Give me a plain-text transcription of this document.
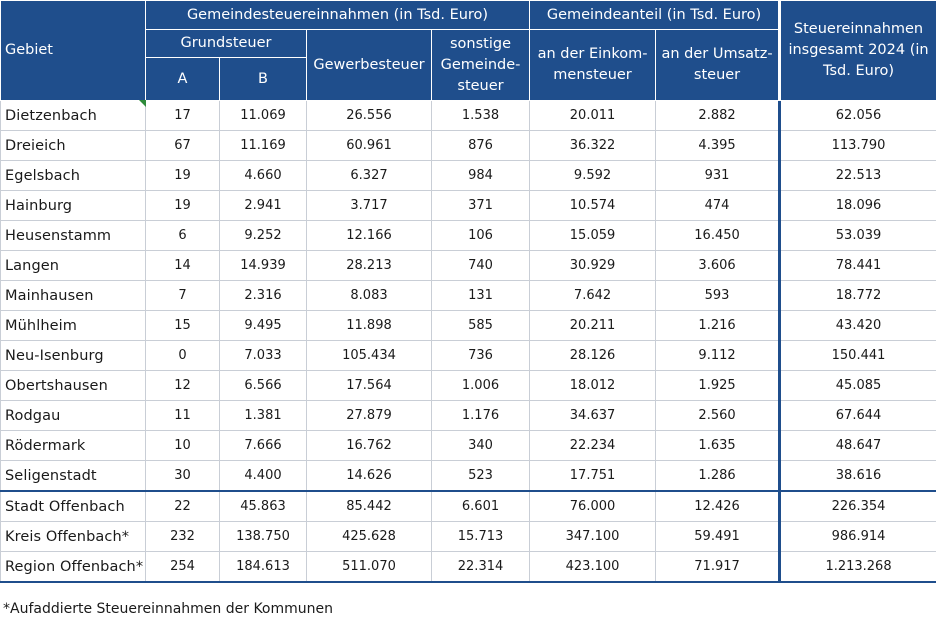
Gebiet	Gemeindesteuereinnahmen (in Tsd. Euro)				Gemeindeanteil (in Tsd. Euro)		Steuereinnahmen insgesamt 2024 (in Tsd. Euro)
	Grundsteuer		Gewerbesteuer	sonstige Gemeinde-steuer	an der Einkom-mensteuer	an der Umsatz-steuer	
	A	B					
Dietzenbach	17	11.069	26.556	1.538	20.011	2.882	62.056
Dreieich	67	11.169	60.961	876	36.322	4.395	113.790
Egelsbach	19	4.660	6.327	984	9.592	931	22.513
Hainburg	19	2.941	3.717	371	10.574	474	18.096
Heusenstamm	6	9.252	12.166	106	15.059	16.450	53.039
Langen	14	14.939	28.213	740	30.929	3.606	78.441
Mainhausen	7	2.316	8.083	131	7.642	593	18.772
Mühlheim	15	9.495	11.898	585	20.211	1.216	43.420
Neu-Isenburg	0	7.033	105.434	736	28.126	9.112	150.441
Obertshausen	12	6.566	17.564	1.006	18.012	1.925	45.085
Rodgau	11	1.381	27.879	1.176	34.637	2.560	67.644
Rödermark	10	7.666	16.762	340	22.234	1.635	48.647
Seligenstadt	30	4.400	14.626	523	17.751	1.286	38.616
Stadt Offenbach	22	45.863	85.442	6.601	76.000	12.426	226.354
Kreis Offenbach*	232	138.750	425.628	15.713	347.100	59.491	986.914
Region Offenbach*	254	184.613	511.070	22.314	423.100	71.917	1.213.268
*Aufaddierte Steuereinnahmen der Kommunen
